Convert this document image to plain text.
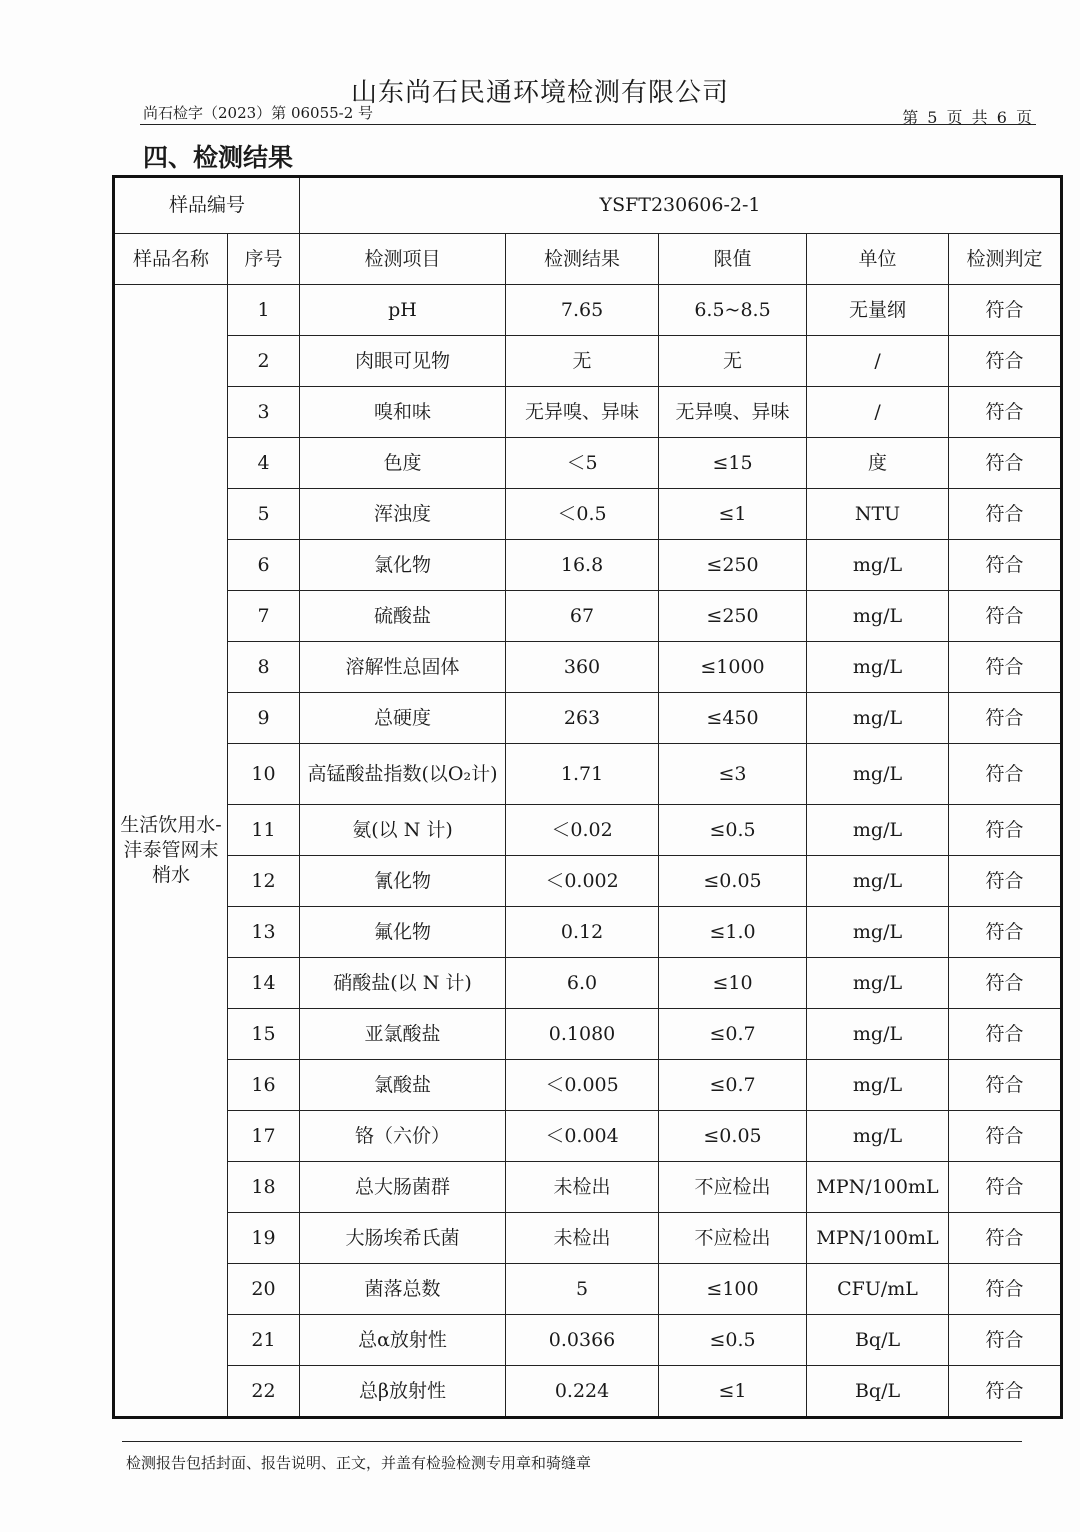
山东尚石民通环境检测有限公司
尚石检字（2023）第 06055-2 号	第 5 页 共 6 页
四、检测结果
样品编号		YSFT230606-2-1				
样品名称	序号	检测项目	检测结果	限值	单位	检测判定
生活饮用水-沣泰管网末梢水	1	pH	7.65	6.5~8.5	无量纲	符合
	2	肉眼可见物	无	无	/	符合
	3	嗅和味	无异嗅、异味	无异嗅、异味	/	符合
	4	色度	＜5	≤15	度	符合
	5	浑浊度	＜0.5	≤1	NTU	符合
	6	氯化物	16.8	≤250	mg/L	符合
	7	硫酸盐	67	≤250	mg/L	符合
	8	溶解性总固体	360	≤1000	mg/L	符合
	9	总硬度	263	≤450	mg/L	符合
	10	高锰酸盐指数(以O₂计)	1.71	≤3	mg/L	符合
	11	氨(以 N 计)	＜0.02	≤0.5	mg/L	符合
	12	氰化物	＜0.002	≤0.05	mg/L	符合
	13	氟化物	0.12	≤1.0	mg/L	符合
	14	硝酸盐(以 N 计)	6.0	≤10	mg/L	符合
	15	亚氯酸盐	0.1080	≤0.7	mg/L	符合
	16	氯酸盐	＜0.005	≤0.7	mg/L	符合
	17	铬（六价）	＜0.004	≤0.05	mg/L	符合
	18	总大肠菌群	未检出	不应检出	MPN/100mL	符合
	19	大肠埃希氏菌	未检出	不应检出	MPN/100mL	符合
	20	菌落总数	5	≤100	CFU/mL	符合
	21	总α放射性	0.0366	≤0.5	Bq/L	符合
	22	总β放射性	0.224	≤1	Bq/L	符合
检测报告包括封面、报告说明、正文，并盖有检验检测专用章和骑缝章
